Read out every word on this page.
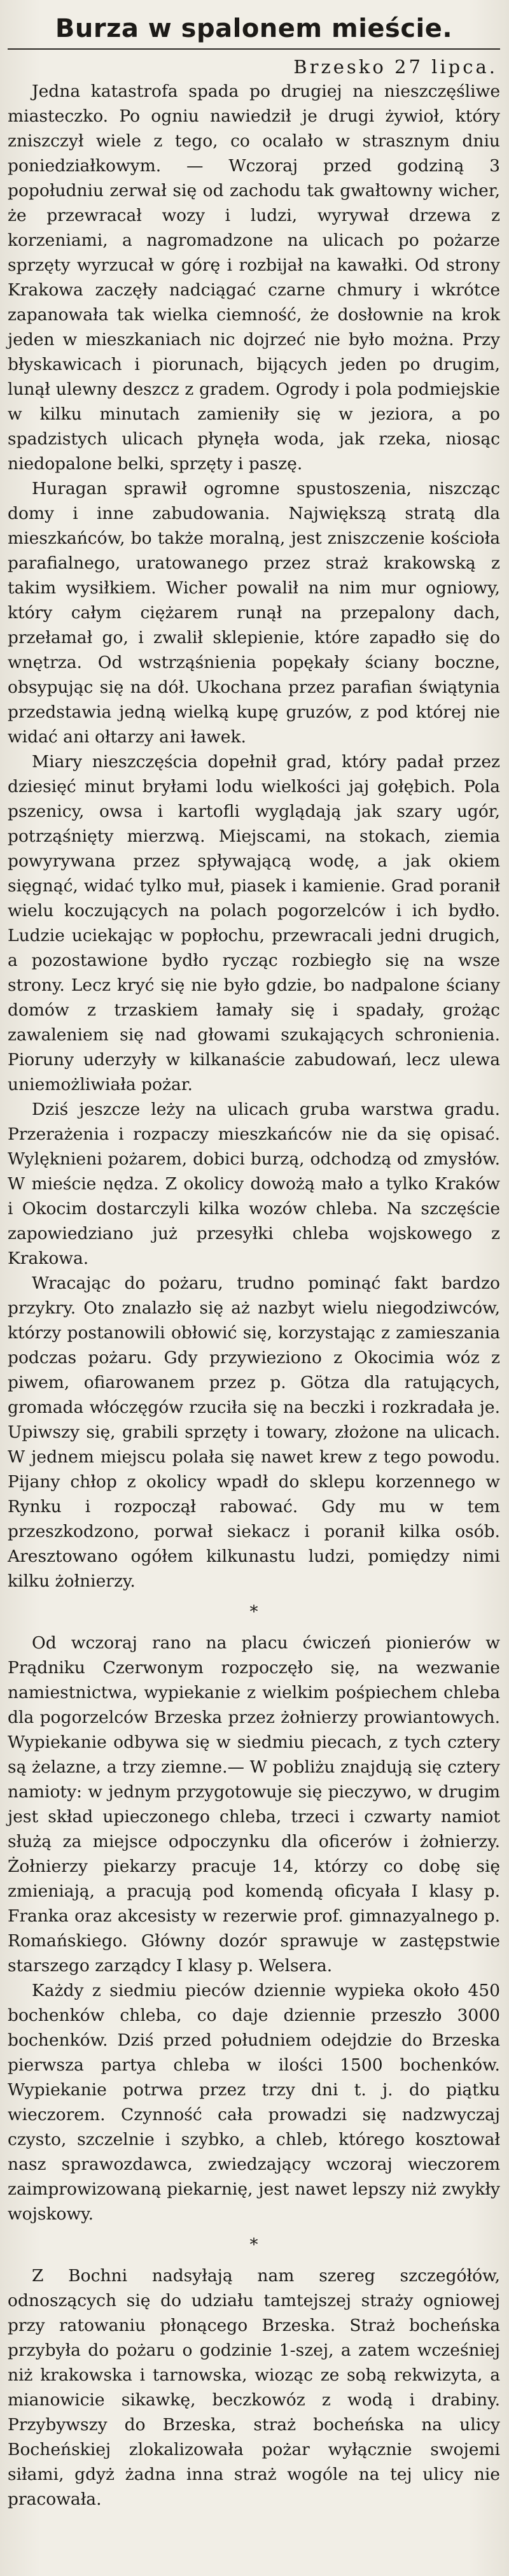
Burza w spalonem mieście.
Brzesko 27 lipca.

Jedna katastrofa spada po drugiej na nieszczęśliwe miasteczko. Po ogniu nawiedził je drugi żywioł, który zniszczył wiele z tego, co ocalało w strasznym dniu poniedziałkowym. — Wczoraj przed godziną 3 popołudniu zerwał się od zachodu tak gwałtowny wicher, że przewracał wozy i ludzi, wyrywał drzewa z korzeniami, a nagromadzone na ulicach po pożarze sprzęty wyrzucał w górę i rozbijał na kawałki. Od strony Krakowa zaczęły nadciągać czarne chmury i wkrótce zapanowała tak wielka ciemność, że dosłownie na krok jeden w mieszkaniach nic dojrzeć nie było można. Przy błyskawicach i piorunach, bijących jeden po drugim, lunął ulewny deszcz z gradem. Ogrody i pola podmiejskie w kilku minutach zamieniły się w jeziora, a po spadzistych ulicach płynęła woda, jak rzeka, niosąc niedopalone belki, sprzęty i paszę.

Huragan sprawił ogromne spustoszenia, niszcząc domy i inne zabudowania. Największą stratą dla mieszkańców, bo także moralną, jest zniszczenie kościoła parafialnego, uratowanego przez straż krakowską z takim wysiłkiem. Wicher powalił na nim mur ogniowy, który całym ciężarem runął na przepalony dach, przełamał go, i zwalił sklepienie, które zapadło się do wnętrza. Od wstrząśnienia popękały ściany boczne, obsypując się na dół. Ukochana przez parafian świątynia przedstawia jedną wielką kupę gruzów, z pod której nie widać ani ołtarzy ani ławek.

Miary nieszczęścia dopełnił grad, który padał przez dziesięć minut bryłami lodu wielkości jaj gołębich. Pola pszenicy, owsa i kartofli wyglądają jak szary ugór, potrząśnięty mierzwą. Miejscami, na stokach, ziemia powyrywana przez spływającą wodę, a jak okiem sięgnąć, widać tylko muł, piasek i kamienie. Grad poranił wielu koczujących na polach pogorzelców i ich bydło. Ludzie uciekając w popłochu, przewracali jedni drugich, a pozostawione bydło rycząc rozbiegło się na wsze strony. Lecz kryć się nie było gdzie, bo nadpalone ściany domów z trzaskiem łamały się i spadały, grożąc zawaleniem się nad głowami szukających schronienia. Pioruny uderzyły w kilkanaście zabudowań, lecz ulewa uniemożliwiała pożar.

Dziś jeszcze leży na ulicach gruba warstwa gradu. Przerażenia i rozpaczy mieszkańców nie da się opisać. Wylęknieni pożarem, dobici burzą, odchodzą od zmysłów. W mieście nędza. Z okolicy dowożą mało a tylko Kraków i Okocim dostarczyli kilka wozów chleba. Na szczęście zapowiedziano już przesyłki chleba wojskowego z Krakowa.

Wracając do pożaru, trudno pominąć fakt bardzo przykry. Oto znalazło się aż nazbyt wielu niegodziwców, którzy postanowili obłowić się, korzystając z zamieszania podczas pożaru. Gdy przywieziono z Okocimia wóz z piwem, ofiarowanem przez p. Götza dla ratujących, gromada włóczęgów rzuciła się na beczki i rozkradała je. Upiwszy się, grabili sprzęty i towary, złożone na ulicach. W jednem miejscu polała się nawet krew z tego powodu. Pijany chłop z okolicy wpadł do sklepu korzennego w Rynku i rozpoczął rabować. Gdy mu w tem przeszkodzono, porwał siekacz i poranił kilka osób. Aresztowano ogółem kilkunastu ludzi, pomiędzy nimi kilku żołnierzy.

*

Od wczoraj rano na placu ćwiczeń pionierów w Prądniku Czerwonym rozpoczęło się, na wezwanie namiestnictwa, wypiekanie z wielkim pośpiechem chleba dla pogorzelców Brzeska przez żołnierzy prowiantowych. Wypiekanie odbywa się w siedmiu piecach, z tych cztery są żelazne, a trzy ziemne.— W pobliżu znajdują się cztery namioty: w jednym przygotowuje się pieczywo, w drugim jest skład upieczonego chleba, trzeci i czwarty namiot służą za miejsce odpoczynku dla oficerów i żołnierzy. Żołnierzy piekarzy pracuje 14, którzy co dobę się zmieniają, a pracują pod komendą oficyała I klasy p. Franka oraz akcesisty w rezerwie prof. gimnazyalnego p. Romańskiego. Główny dozór sprawuje w zastępstwie starszego zarządcy I klasy p. Welsera.

Każdy z siedmiu pieców dziennie wypieka około 450 bochenków chleba, co daje dziennie przeszło 3000 bochenków. Dziś przed południem odejdzie do Brzeska pierwsza partya chleba w ilości 1500 bochenków. Wypiekanie potrwa przez trzy dni t. j. do piątku wieczorem. Czynność cała prowadzi się nadzwyczaj czysto, szczelnie i szybko, a chleb, którego kosztował nasz sprawozdawca, zwiedzający wczoraj wieczorem zaimprowizowaną piekarnię, jest nawet lepszy niż zwykły wojskowy.

*

Z Bochni nadsyłają nam szereg szczegółów, odnoszących się do udziału tamtejszej straży ogniowej przy ratowaniu płonącego Brzeska. Straż bocheńska przybyła do pożaru o godzinie 1-szej, a zatem wcześniej niż krakowska i tarnowska, wioząc ze sobą rekwizyta, a mianowicie sikawkę, beczkowóz z wodą i drabiny. Przybywszy do Brzeska, straż bocheńska na ulicy Bocheńskiej zlokalizowała pożar wyłącznie swojemi siłami, gdyż żadna inna straż wogóle na tej ulicy nie pracowała.
